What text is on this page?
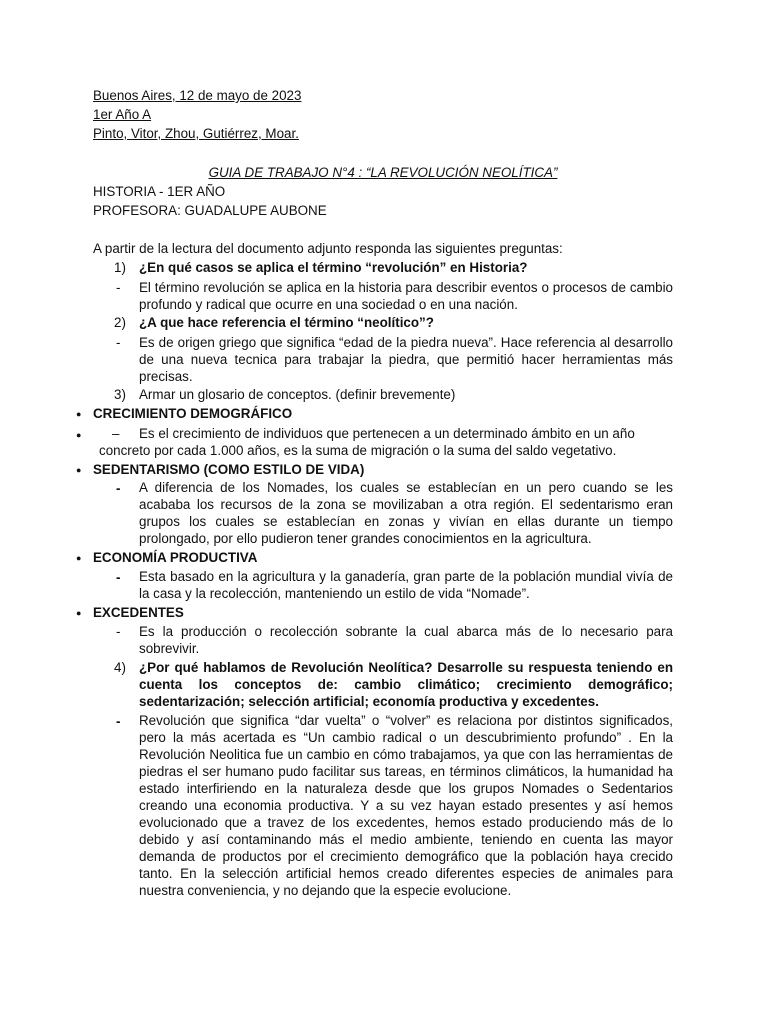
Buenos Aires, 12 de mayo de 2023
1er Año A
Pinto, Vitor, Zhou, Gutiérrez, Moar.
GUIA DE TRABAJO N°4 : “LA REVOLUCIÓN NEOLÍTICA”
HISTORIA - 1ER AÑO
PROFESORA: GUADALUPE AUBONE
A partir de la lectura del documento adjunto responda las siguientes preguntas:
1) ¿En qué casos se aplica el término “revolución” en Historia?
- El término revolución se aplica en la historia para describir eventos o procesos de cambio profundo y radical que ocurre en una sociedad o en una nación.
2) ¿A que hace referencia el término “neolítico”?
- Es de origen griego que significa “edad de la piedra nueva”. Hace referencia al desarrollo de una nueva tecnica para trabajar la piedra, que permitió hacer herramientas más precisas.
3) Armar un glosario de conceptos. (definir brevemente)
●
CRECIMIENTO DEMOGRÁFICO
●
– Es el crecimiento de individuos que pertenecen a un determinado ámbito en un año
concreto por cada 1.000 años, es la suma de migración o la suma del saldo vegetativo.
●
SEDENTARISMO (COMO ESTILO DE VIDA)
- A diferencia de los Nomades, los cuales se establecían en un pero cuando se les acababa los recursos de la zona se movilizaban a otra región. El sedentarismo eran grupos los cuales se establecían en zonas y vivían en ellas durante un tiempo prolongado, por ello pudieron tener grandes conocimientos en la agricultura.
●
ECONOMÍA PRODUCTIVA
- Esta basado en la agricultura y la ganadería, gran parte de la población mundial vivía de la casa y la recolección, manteniendo un estilo de vida “Nomade”.
●
EXCEDENTES
- Es la producción o recolección sobrante la cual abarca más de lo necesario para sobrevivir.
4) ¿Por qué hablamos de Revolución Neolítica? Desarrolle su respuesta teniendo en cuenta los conceptos de: cambio climático; crecimiento demográfico; sedentarización; selección artificial; economía productiva y excedentes.
- Revolución que significa “dar vuelta” o “volver” es relaciona por distintos significados, pero la más acertada es “Un cambio radical o un descubrimiento profundo” . En la Revolución Neolitica fue un cambio en cómo trabajamos, ya que con las herramientas de piedras el ser humano pudo facilitar sus tareas, en términos climáticos, la humanidad ha estado interfiriendo en la naturaleza desde que los grupos Nomades o Sedentarios creando una economia productiva. Y a su vez hayan estado presentes y así hemos evolucionado que a travez de los excedentes, hemos estado produciendo más de lo debido y así contaminando más el medio ambiente, teniendo en cuenta las mayor demanda de productos por el crecimiento demográfico que la población haya crecido tanto. En la selección artificial hemos creado diferentes especies de animales para nuestra conveniencia, y no dejando que la especie evolucione.
